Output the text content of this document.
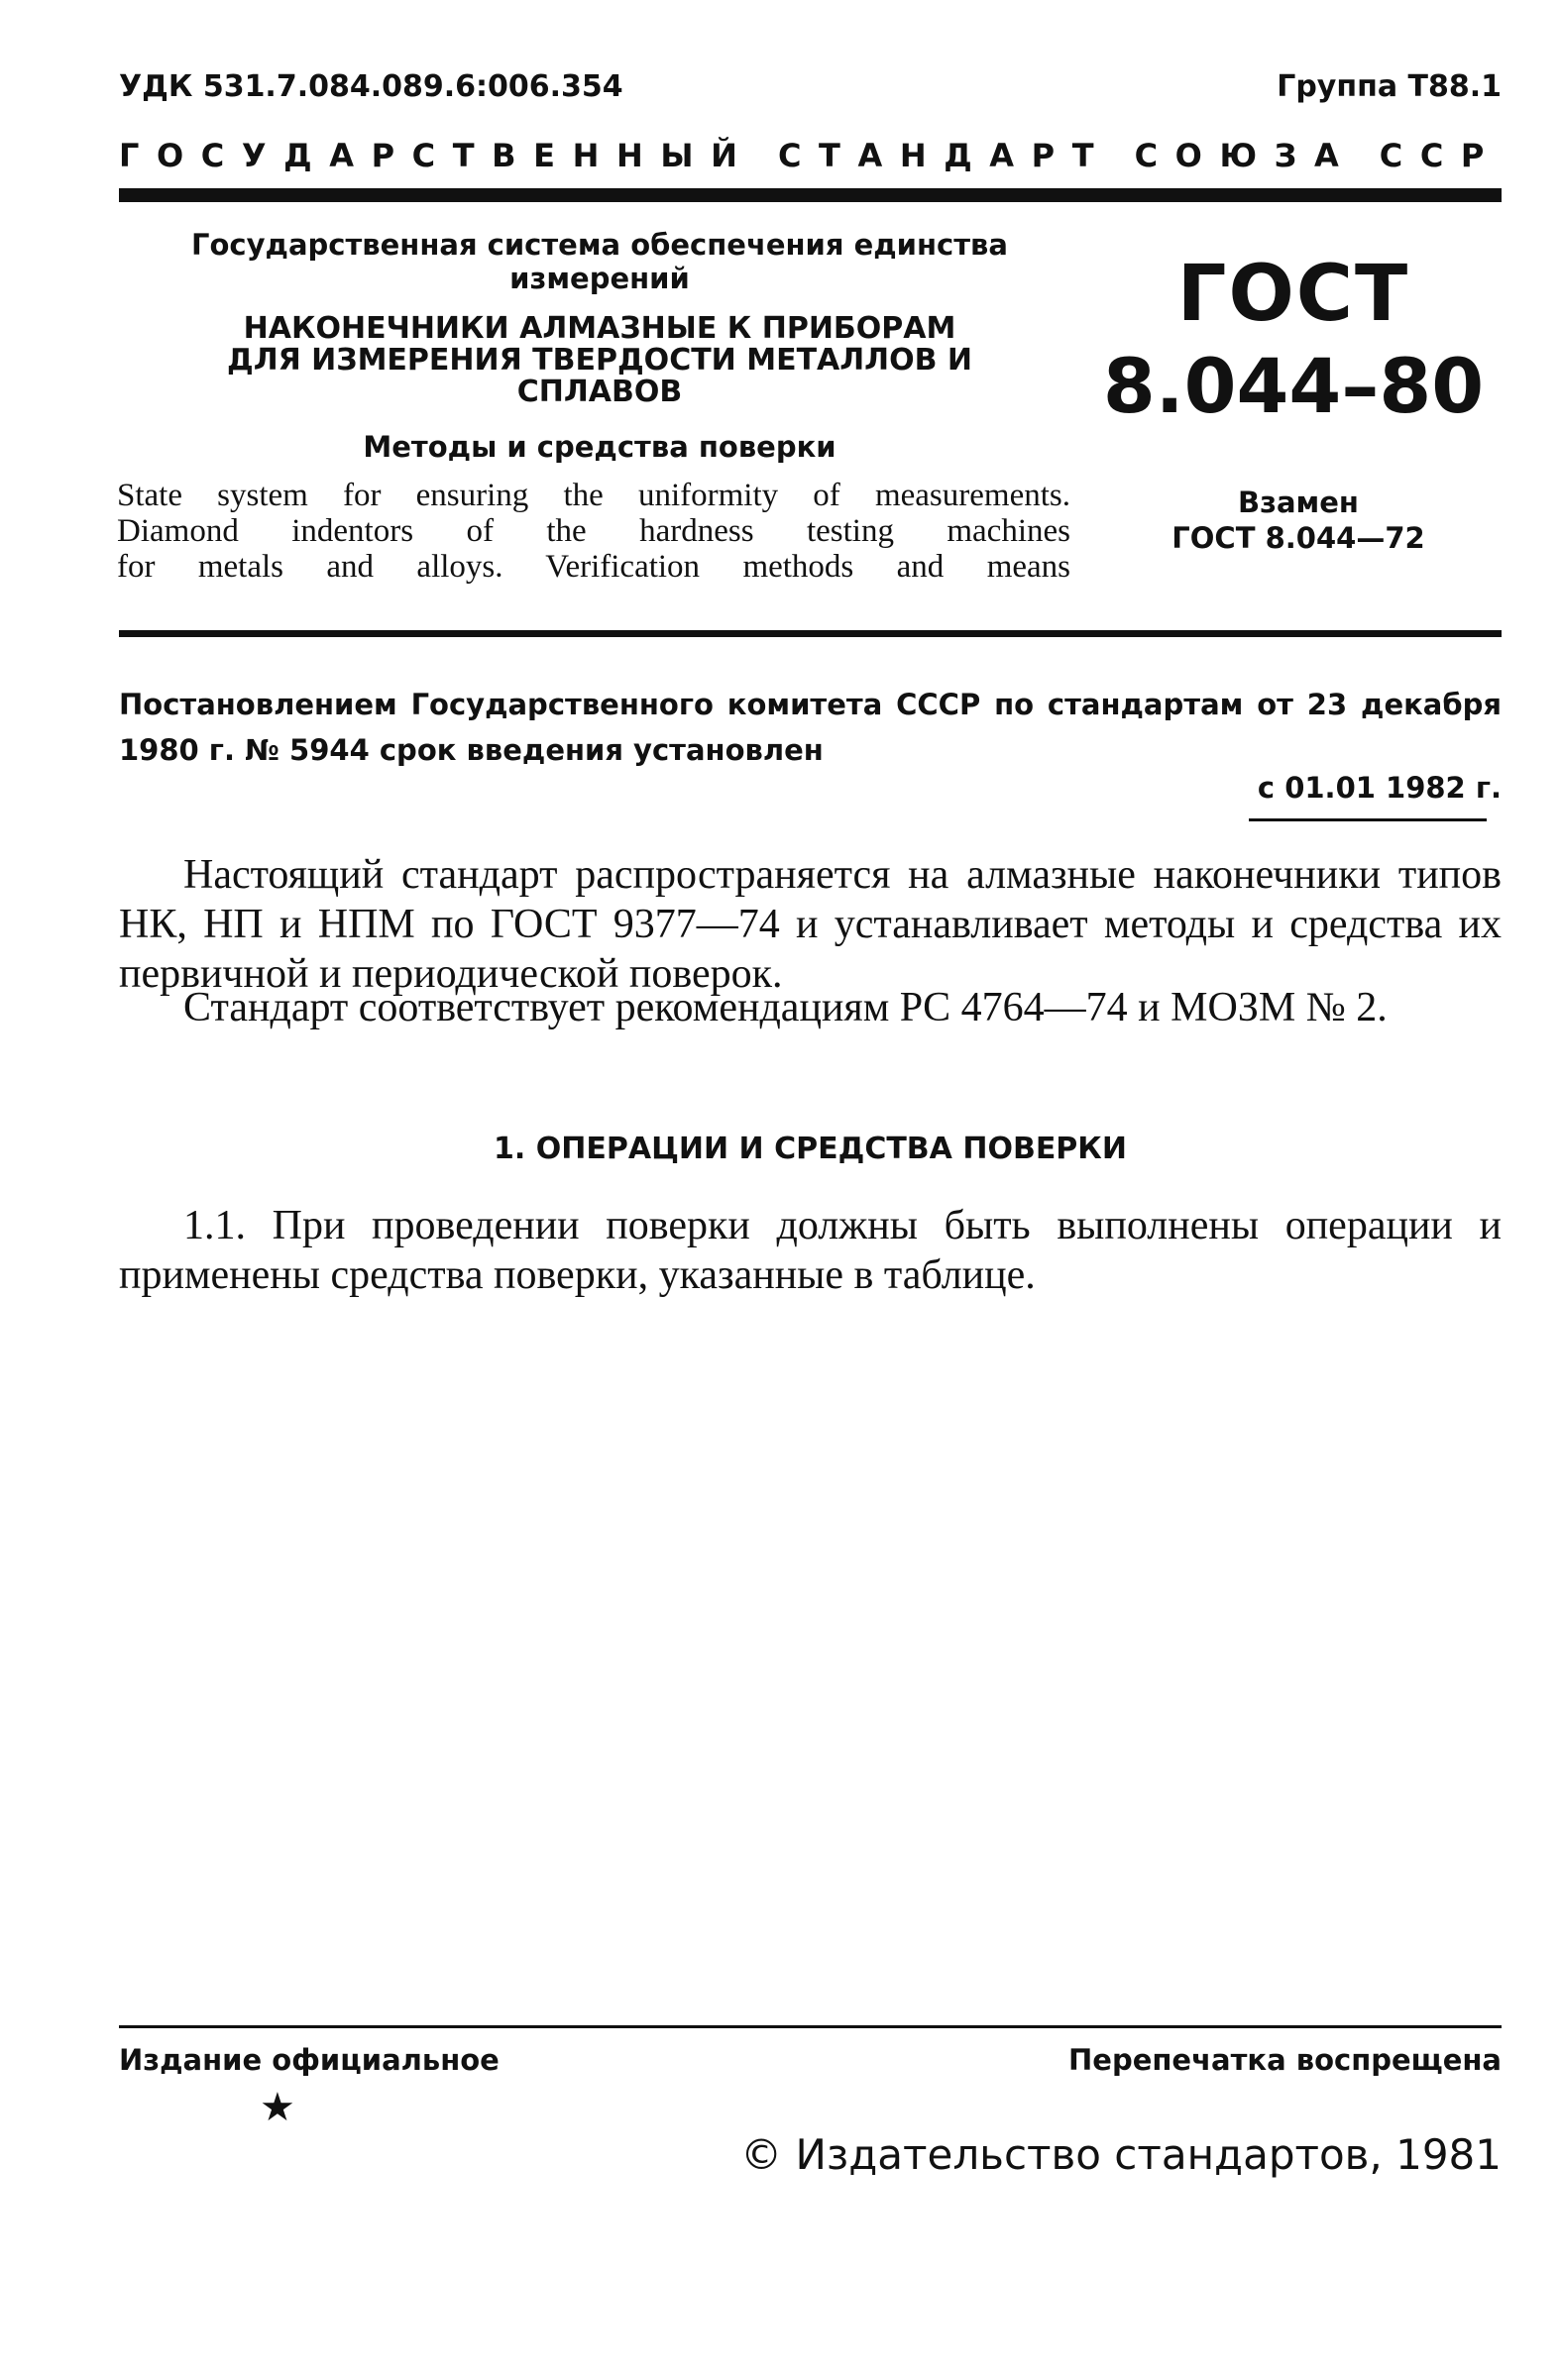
УДК 531.7.084.089.6:006.354	Группа Т88.1
ГОСУДАРСТВЕННЫЙ СТАНДАРТ СОЮЗА ССР
Государственная система обеспечения единства измерений
НАКОНЕЧНИКИ АЛМАЗНЫЕ К ПРИБОРАМ ДЛЯ ИЗМЕРЕНИЯ ТВЕРДОСТИ МЕТАЛЛОВ И СПЛАВОВ
Методы и средства поверки
State system for ensuring the uniformity of measurements.
Diamond indentors of the hardness testing machines
for metals and alloys. Verification methods and means
ГОСТ
8.044–80
Взамен
ГОСТ 8.044—72
Постановлением Государственного комитета СССР по стандартам от 23 декабря 1980 г. № 5944 срок введения установлен
с 01.01 1982 г.
Настоящий стандарт распространяется на алмазные наконечники типов НК, НП и НПМ по ГОСТ 9377—74 и устанавливает методы и средства их первичной и периодической поверок.
Стандарт соответствует рекомендациям PC 4764—74 и МОЗМ № 2.
1. ОПЕРАЦИИ И СРЕДСТВА ПОВЕРКИ
1.1. При проведении поверки должны быть выполнены операции и применены средства поверки, указанные в таблице.
Издание официальное	Перепечатка воспрещена
★
© Издательство стандартов, 1981
